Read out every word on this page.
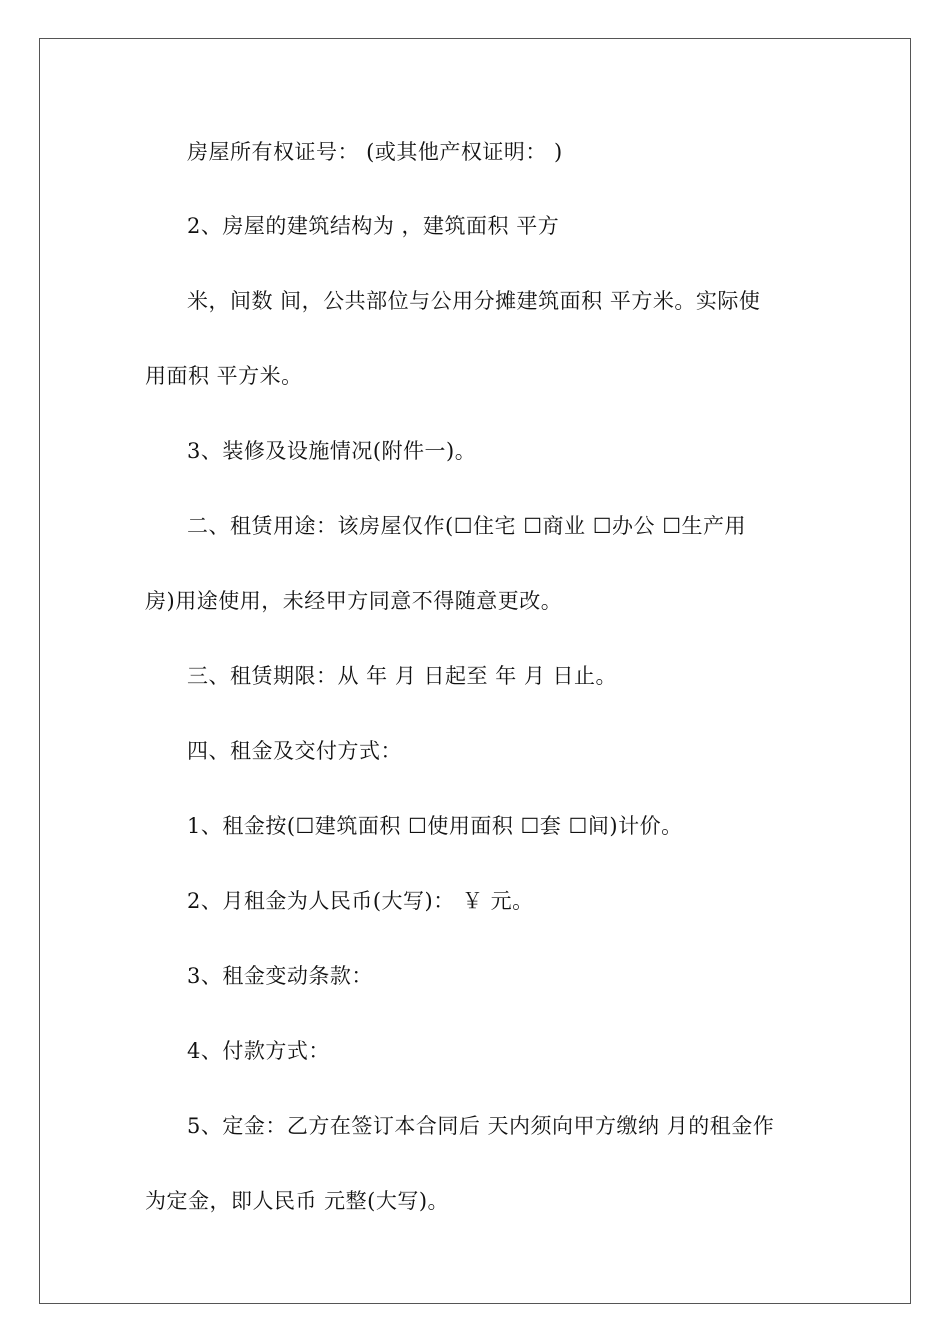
房屋所有权证号： (或其他产权证明： )
2、房屋的建筑结构为 ，建筑面积 平方
米，间数 间，公共部位与公用分摊建筑面积 平方米。实际使
用面积 平方米。
3、装修及设施情况(附件一)。
二、租赁用途：该房屋仅作(☐住宅 ☐商业 ☐办公 ☐生产用
房)用途使用，未经甲方同意不得随意更改。
三、租赁期限：从 年 月 日起至 年 月 日止。
四、租金及交付方式：
1、租金按(☐建筑面积 ☐使用面积 ☐套 ☐间)计价。
2、月租金为人民币(大写)： ￥ 元。
3、租金变动条款：
4、付款方式：
5、定金：乙方在签订本合同后 天内须向甲方缴纳 月的租金作
为定金，即人民币 元整(大写)。
